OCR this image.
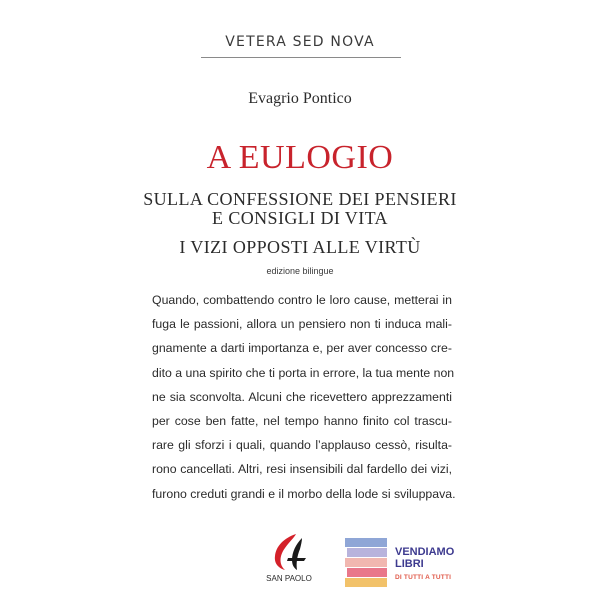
VETERA SED NOVA
Evagrio Pontico
A EULOGIO
SULLA CONFESSIONE DEI PENSIERI
E CONSIGLI DI VITA
I VIZI OPPOSTI ALLE VIRTÙ
edizione bilingue
Quando, combattendo contro le loro cause, metterai in
fuga le passioni, allora un pensiero non ti induca mali-
gnamente a darti importanza e, per aver concesso cre-
dito a una spirito che ti porta in errore, la tua mente non
ne sia sconvolta. Alcuni che ricevettero apprezzamenti
per cose ben fatte, nel tempo hanno finito col trascu-
rare gli sforzi i quali, quando l’applauso cessò, risulta-
rono cancellati. Altri, resi insensibili dal fardello dei vizi,
furono creduti grandi e il morbo della lode si sviluppava.
SAN PAOLO
VENDIAMO
LIBRI
DI TUTTI A TUTTI
